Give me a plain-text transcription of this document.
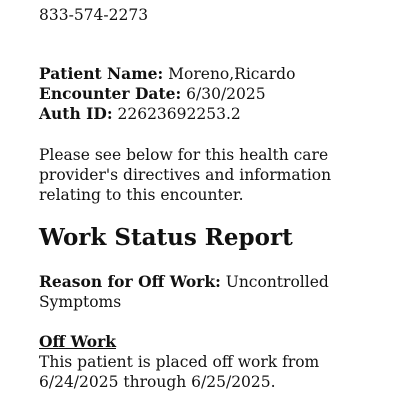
833-574-2273
Patient Name: Moreno,Ricardo
Encounter Date: 6/30/2025
Auth ID: 22623692253.2
Please see below for this health care provider's directives and information relating to this encounter.
Work Status Report
Reason for Off Work: Uncontrolled Symptoms
Off Work
This patient is placed off work from 6/24/2025 through 6/25/2025.
